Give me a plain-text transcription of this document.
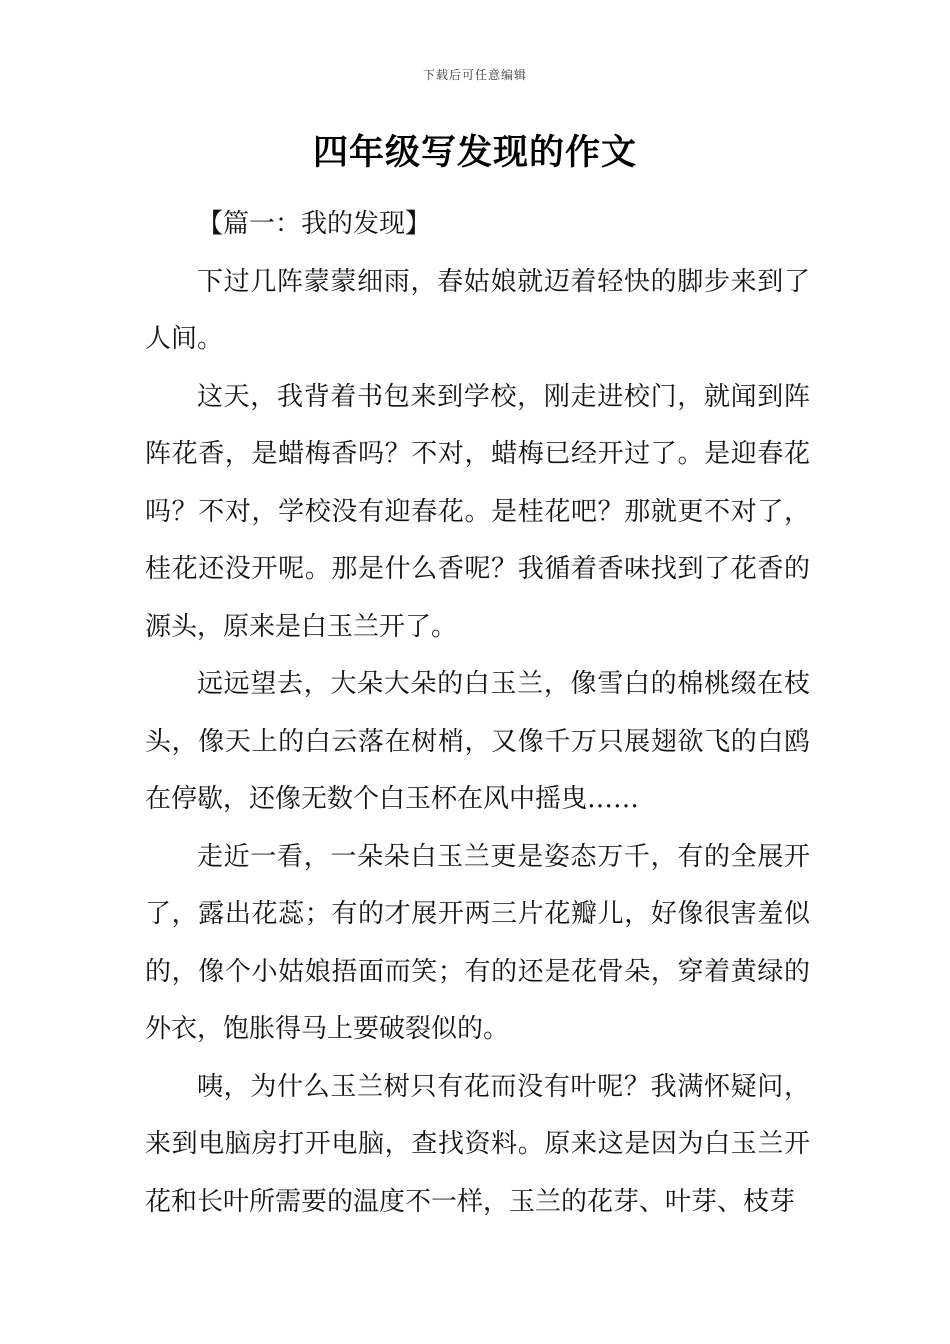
下载后可任意编辑
四年级写发现的作文

【篇一：我的发现】

下过几阵蒙蒙细雨，春姑娘就迈着轻快的脚步来到了人间。

这天，我背着书包来到学校，刚走进校门，就闻到阵阵花香，是蜡梅香吗？不对，蜡梅已经开过了。是迎春花吗？不对，学校没有迎春花。是桂花吧？那就更不对了，桂花还没开呢。那是什么香呢？我循着香味找到了花香的源头，原来是白玉兰开了。

远远望去，大朵大朵的白玉兰，像雪白的棉桃缀在枝头，像天上的白云落在树梢，又像千万只展翅欲飞的白鸥在停歇，还像无数个白玉杯在风中摇曳……

走近一看，一朵朵白玉兰更是姿态万千，有的全展开了，露出花蕊；有的才展开两三片花瓣儿，好像很害羞似的，像个小姑娘捂面而笑；有的还是花骨朵，穿着黄绿的外衣，饱胀得马上要破裂似的。

咦，为什么玉兰树只有花而没有叶呢？我满怀疑问，来到电脑房打开电脑，查找资料。原来这是因为白玉兰开花和长叶所需要的温度不一样，玉兰的花芽、叶芽、枝芽
